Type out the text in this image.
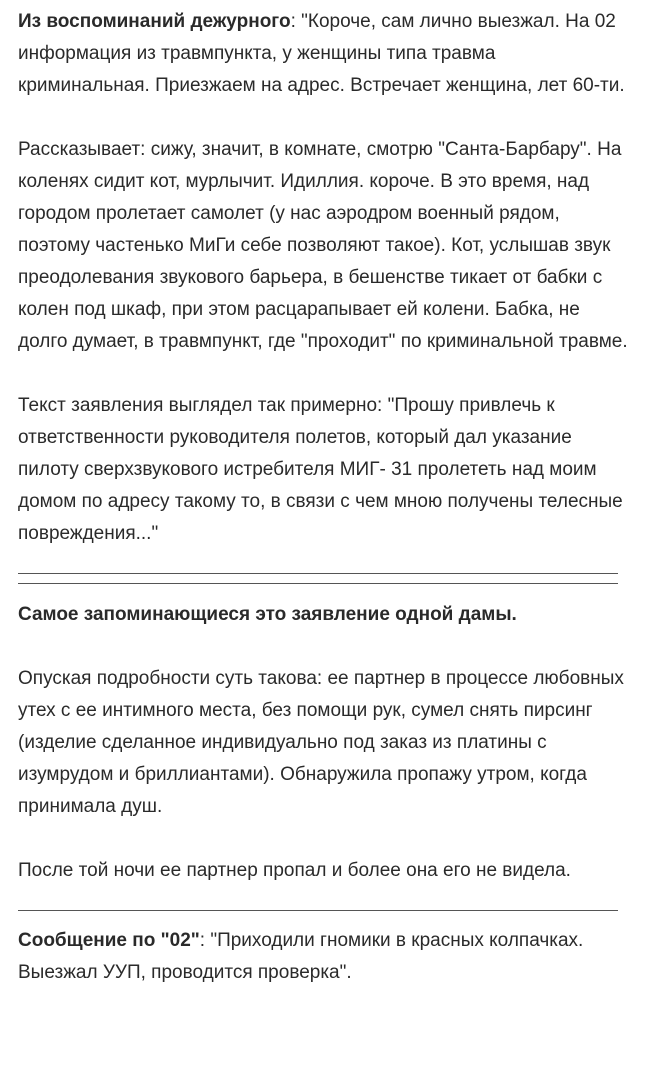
Из воспоминаний дежурного: "Короче, сам лично выезжал. На 02 информация из травмпункта, у женщины типа травма криминальная. Приезжаем на адрес. Встречает женщина, лет 60-ти.

Рассказывает: сижу, значит, в комнате, смотрю "Санта-Барбару". На коленях сидит кот, мурлычит. Идиллия. короче. В это время, над городом пролетает самолет (у нас аэродром военный рядом, поэтому частенько МиГи себе позволяют такое). Кот, услышав звук преодолевания звукового барьера, в бешенстве тикает от бабки с колен под шкаф, при этом расцарапывает ей колени. Бабка, не долго думает, в травмпункт, где "проходит" по криминальной травме.

Текст заявления выглядел так примерно: "Прошу привлечь к ответственности руководителя полетов, который дал указание пилоту сверхзвукового истребителя МИГ- 31 пролететь над моим домом по адресу такому то, в связи с чем мною получены телесные повреждения..."

Самое запоминающиеся это заявление одной дамы.

Опуская подробности суть такова: ее партнер в процессе любовных утех с ее интимного места, без помощи рук, сумел снять пирсинг (изделие сделанное индивидуально под заказ из платины с изумрудом и бриллиантами). Обнаружила пропажу утром, когда принимала душ.

После той ночи ее партнер пропал и более она его не видела.

Сообщение по "02": "Приходили гномики в красных колпачках. Выезжал УУП, проводится проверка".
